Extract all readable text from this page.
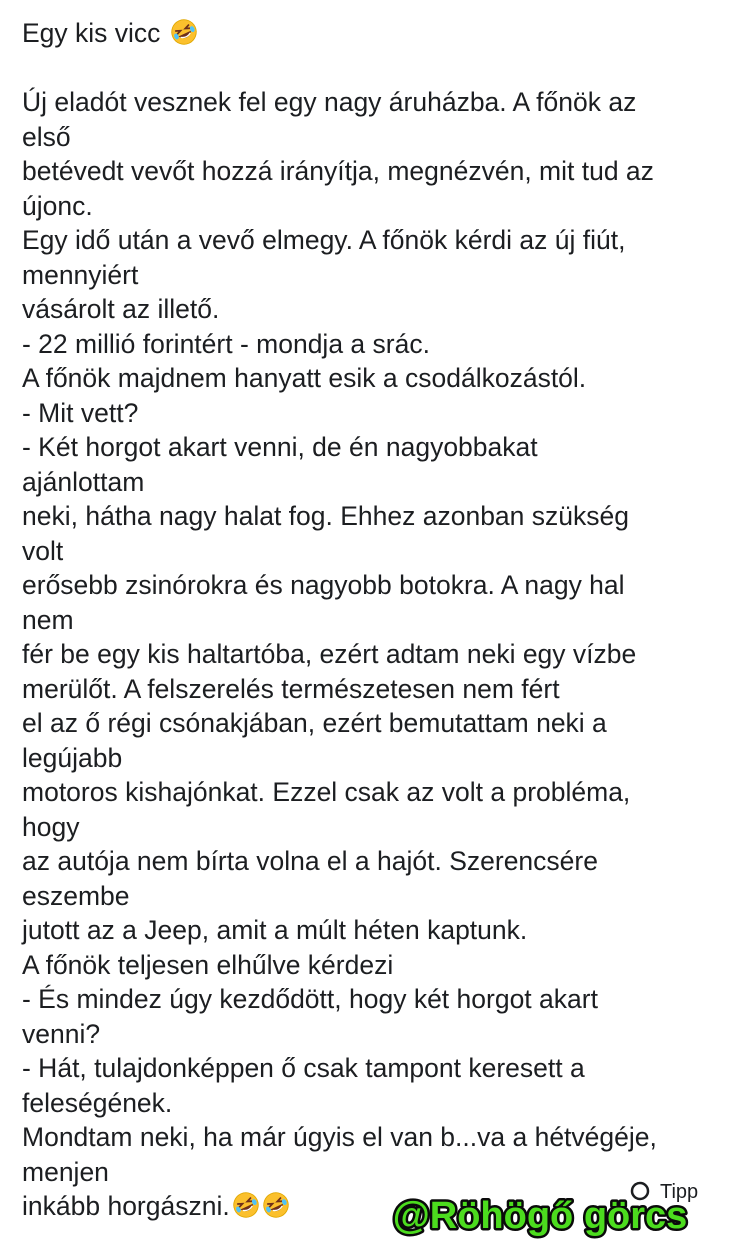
Egy kis vicc
Új eladót vesznek fel egy nagy áruházba. A főnök az
első
betévedt vevőt hozzá irányítja, megnézvén, mit tud az
újonc.
Egy idő után a vevő elmegy. A főnök kérdi az új fiút,
mennyiért
vásárolt az illető.
- 22 millió forintért - mondja a srác.
A főnök majdnem hanyatt esik a csodálkozástól.
- Mit vett?
- Két horgot akart venni, de én nagyobbakat
ajánlottam
neki, hátha nagy halat fog. Ehhez azonban szükség
volt
erősebb zsinórokra és nagyobb botokra. A nagy hal
nem
fér be egy kis haltartóba, ezért adtam neki egy vízbe
merülőt. A felszerelés természetesen nem fért
el az ő régi csónakjában, ezért bemutattam neki a
legújabb
motoros kishajónkat. Ezzel csak az volt a probléma,
hogy
az autója nem bírta volna el a hajót. Szerencsére
eszembe
jutott az a Jeep, amit a múlt héten kaptunk.
A főnök teljesen elhűlve kérdezi
- És mindez úgy kezdődött, hogy két horgot akart
venni?
- Hát, tulajdonképpen ő csak tampont keresett a
feleségének.
Mondtam neki, ha már úgyis el van b...va a hétvégéje,
menjen
inkább horgászni.	Tipp
@Röhögő görcs
